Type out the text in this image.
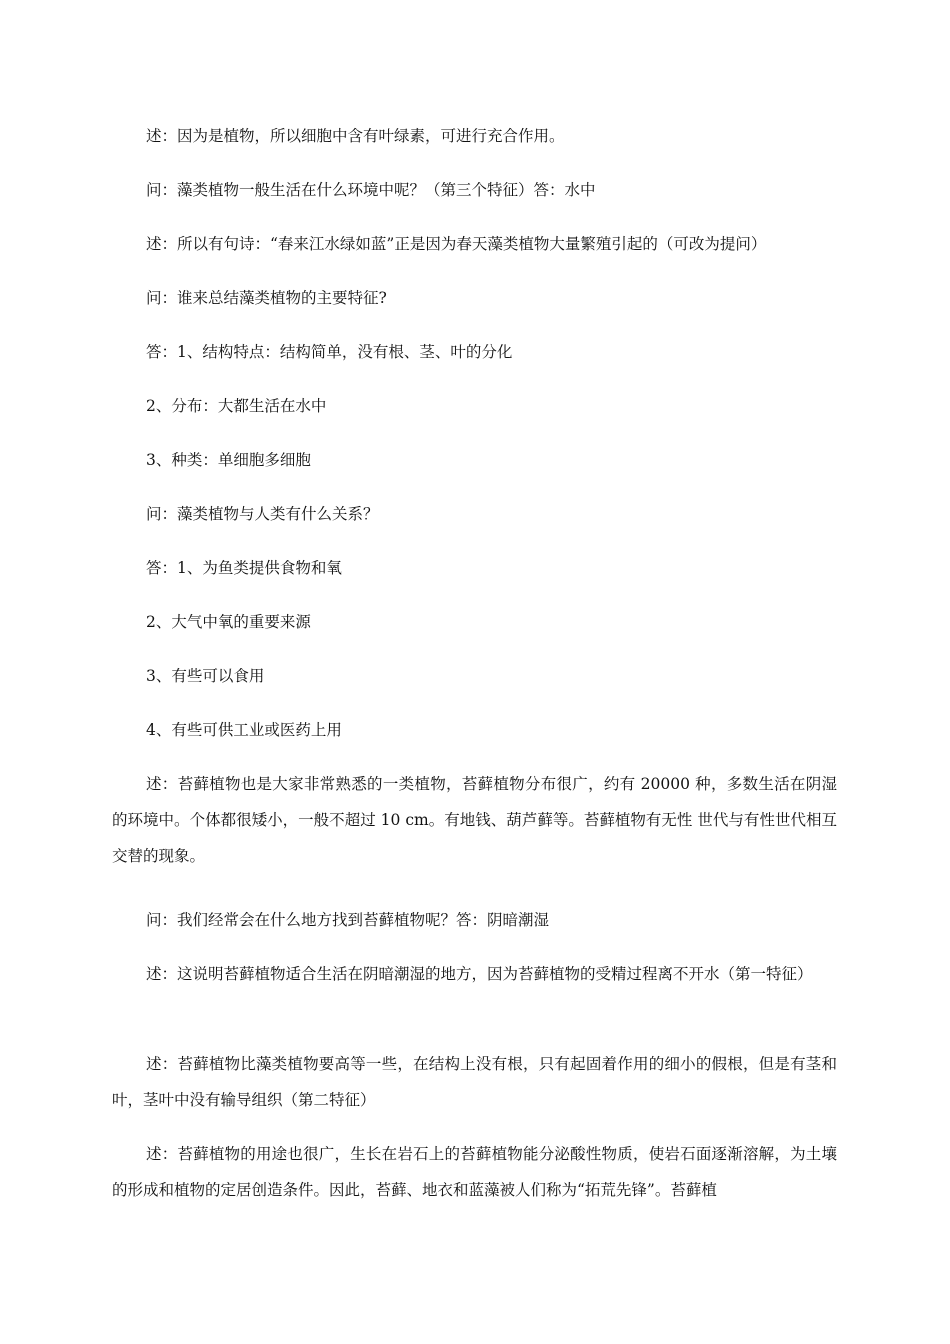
述：因为是植物，所以细胞中含有叶绿素，可进行充合作用。

问：藻类植物一般生活在什么环境中呢？（第三个特征）答：水中

述：所以有句诗：“春来江水绿如蓝”正是因为春天藻类植物大量繁殖引起的（可改为提问）

问：谁来总结藻类植物的主要特征?

答：1、结构特点：结构简单，没有根、茎、叶的分化

2、分布：大都生活在水中

3、种类：单细胞多细胞

问：藻类植物与人类有什么关系？

答：1、为鱼类提供食物和氧

2、大气中氧的重要来源

3、有些可以食用

4、有些可供工业或医药上用

述：苔藓植物也是大家非常熟悉的一类植物，苔藓植物分布很广，约有 20000 种，多数生活在阴湿的环境中。个体都很矮小，一般不超过 10 cm。有地钱、葫芦藓等。苔藓植物有无性 世代与有性世代相互交替的现象。

问：我们经常会在什么地方找到苔藓植物呢？答：阴暗潮湿

述：这说明苔藓植物适合生活在阴暗潮湿的地方，因为苔藓植物的受精过程离不开水（第一特征）

述：苔藓植物比藻类植物要高等一些，在结构上没有根，只有起固着作用的细小的假根，但是有茎和叶，茎叶中没有输导组织（第二特征）

述：苔藓植物的用途也很广，生长在岩石上的苔藓植物能分泌酸性物质，使岩石面逐渐溶解，为土壤的形成和植物的定居创造条件。因此，苔藓、地衣和蓝藻被人们称为“拓荒先锋”。苔藓植
